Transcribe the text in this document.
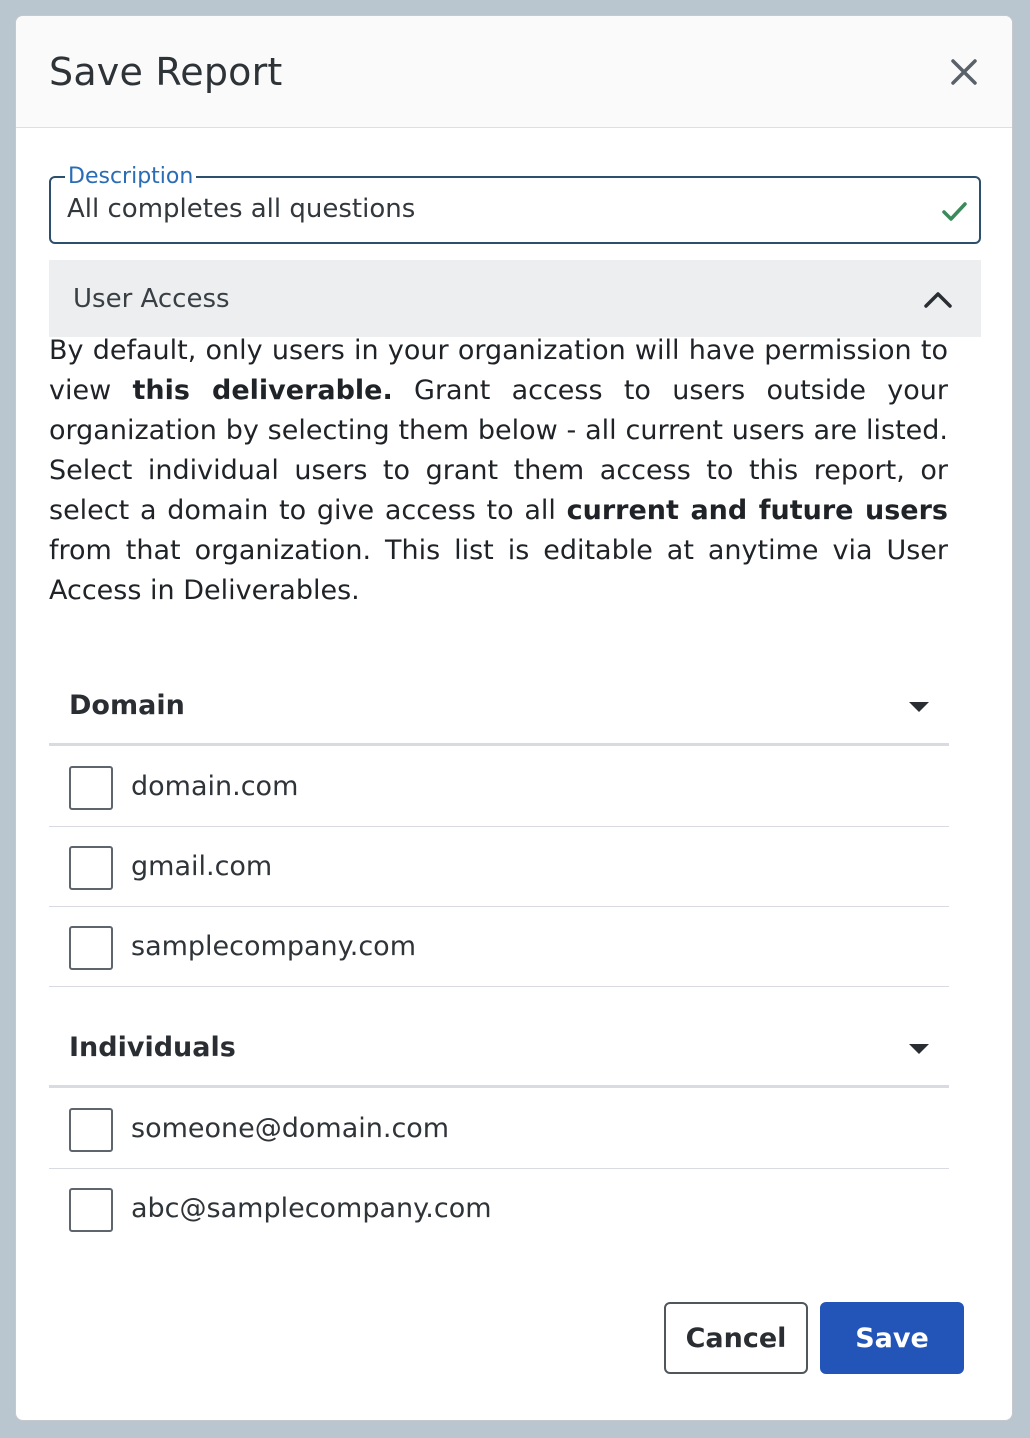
Save Report
Description
All completes all questions
User Access
By default, only users in your organization will have permission to view this deliverable. Grant access to users outside your organization by selecting them below - all current users are listed. Select individual users to grant them access to this report, or select a domain to give access to all current and future users from that organization. This list is editable at anytime via User Access in Deliverables.
Domain
domain.com
gmail.com
samplecompany.com
Individuals
someone@domain.com
abc@samplecompany.com
Cancel	Save
